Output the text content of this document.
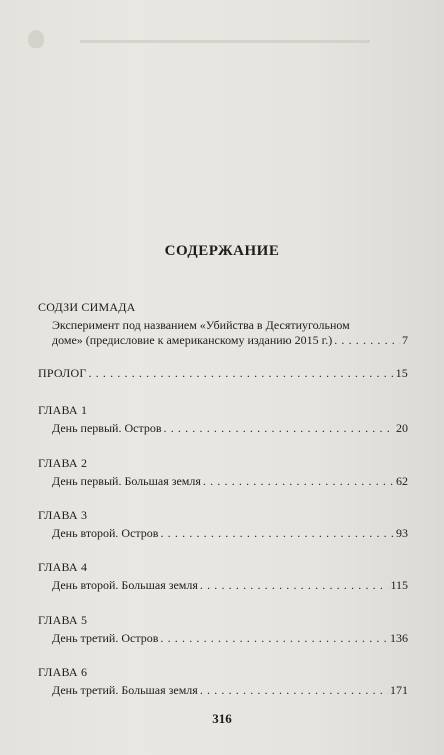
СОДЕРЖАНИЕ
СОДЗИ СИМАДА
Эксперимент под названием «Убийства в Десятиугольном
доме» (предисловие к американскому изданию 2015 г.) . . .	7
ПРОЛОГ . . .	15
ГЛАВА 1
День первый. Остров . . .	20
ГЛАВА 2
День первый. Большая земля . . .	62
ГЛАВА 3
День второй. Остров . . .	93
ГЛАВА 4
День второй. Большая земля . . .	115
ГЛАВА 5
День третий. Остров . . .	136
ГЛАВА 6
День третий. Большая земля . . .	171
316
